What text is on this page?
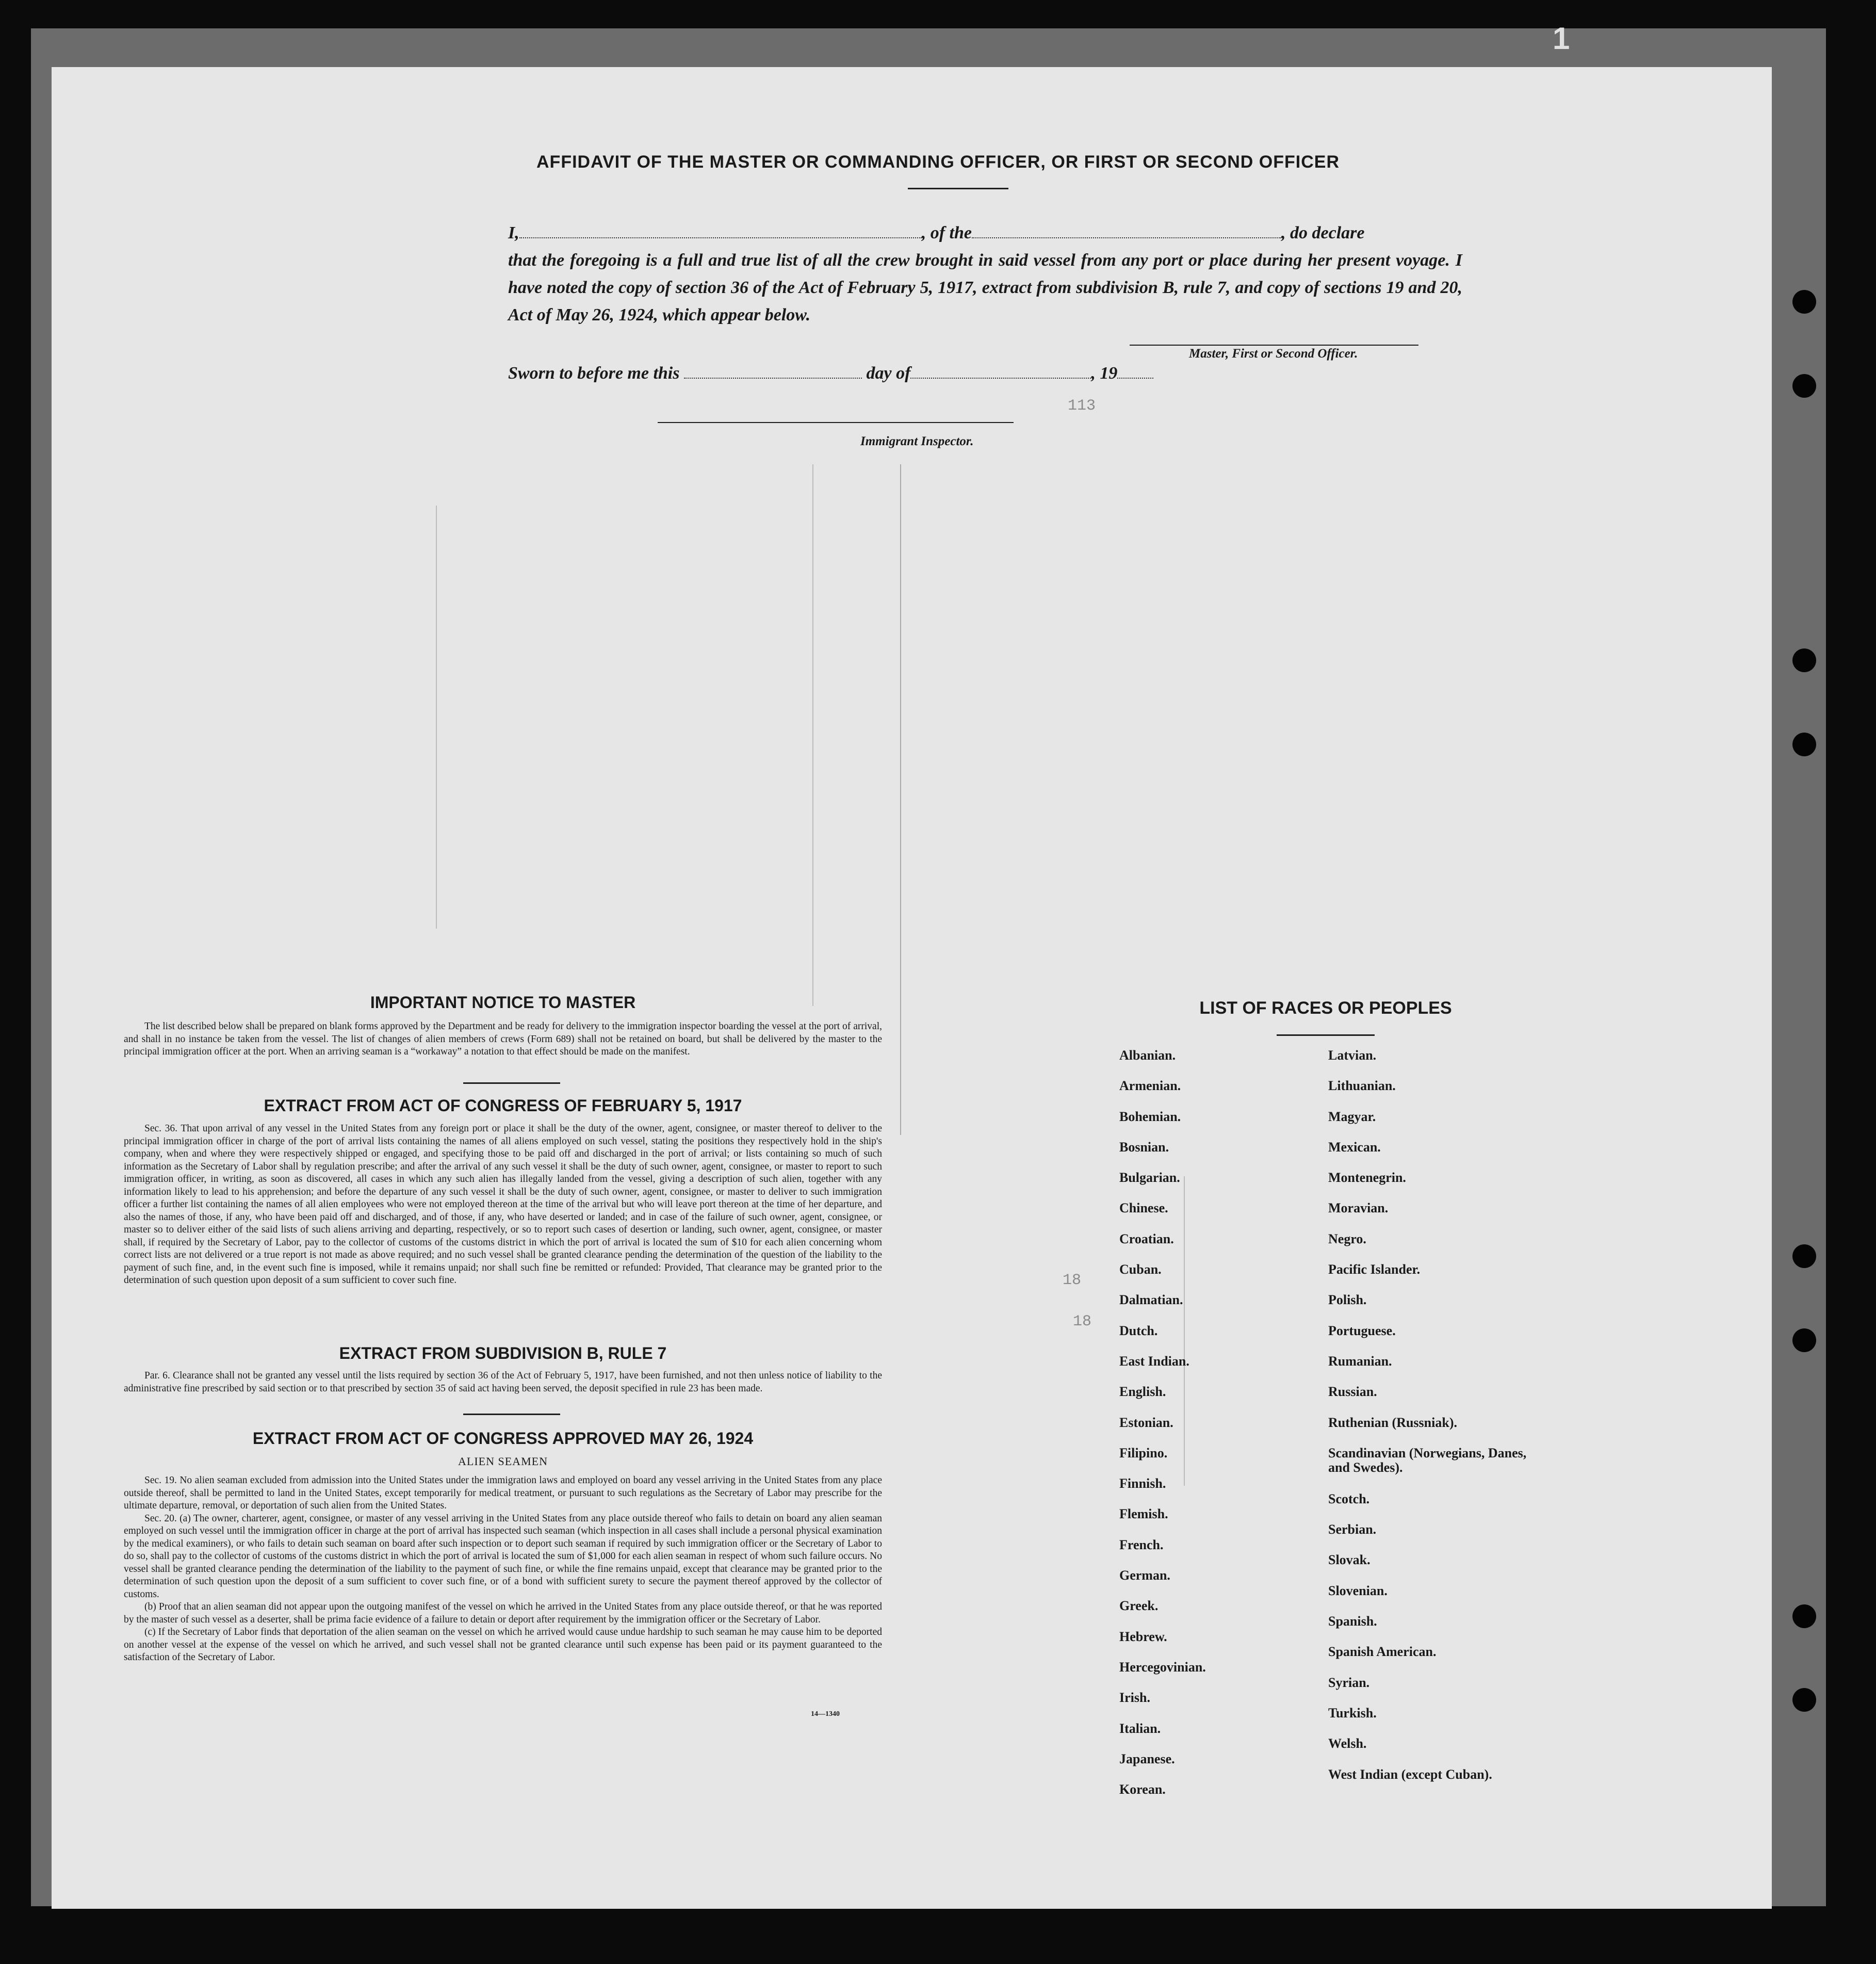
1
AFFIDAVIT OF THE MASTER OR COMMANDING OFFICER, OR FIRST OR SECOND OFFICER
I,	, of the	, do declare
that the foregoing is a full and true list of all the crew brought in said vessel from any port or place during her present voyage. I have noted the copy of section 36 of the Act of February 5, 1917, extract from subdivision B, rule 7, and copy of sections 19 and 20, Act of May 26, 1924, which appear below.
Master, First or Second Officer.
Sworn to before me this	day of	, 19
Immigrant Inspector.
113
18
18
IMPORTANT NOTICE TO MASTER

The list described below shall be prepared on blank forms approved by the Department and be ready for delivery to the immigration inspector boarding the vessel at the port of arrival, and shall in no instance be taken from the vessel. The list of changes of alien members of crews (Form 689) shall not be retained on board, but shall be delivered by the master to the principal immigration officer at the port. When an arriving seaman is a “workaway” a notation to that effect should be made on the manifest.

EXTRACT FROM ACT OF CONGRESS OF FEBRUARY 5, 1917

Sec. 36. That upon arrival of any vessel in the United States from any foreign port or place it shall be the duty of the owner, agent, consignee, or master thereof to deliver to the principal immigration officer in charge of the port of arrival lists containing the names of all aliens employed on such vessel, stating the positions they respectively hold in the ship's company, when and where they were respectively shipped or engaged, and specifying those to be paid off and discharged in the port of arrival; or lists containing so much of such information as the Secretary of Labor shall by regulation prescribe; and after the arrival of any such vessel it shall be the duty of such owner, agent, consignee, or master to report to such immigration officer, in writing, as soon as discovered, all cases in which any such alien has illegally landed from the vessel, giving a description of such alien, together with any information likely to lead to his apprehension; and before the departure of any such vessel it shall be the duty of such owner, agent, consignee, or master to deliver to such immigration officer a further list containing the names of all alien employees who were not employed thereon at the time of the arrival but who will leave port thereon at the time of her departure, and also the names of those, if any, who have been paid off and discharged, and of those, if any, who have deserted or landed; and in case of the failure of such owner, agent, consignee, or master so to deliver either of the said lists of such aliens arriving and departing, respectively, or so to report such cases of desertion or landing, such owner, agent, consignee, or master shall, if required by the Secretary of Labor, pay to the collector of customs of the customs district in which the port of arrival is located the sum of $10 for each alien concerning whom correct lists are not delivered or a true report is not made as above required; and no such vessel shall be granted clearance pending the determination of the question of the liability to the payment of such fine, and, in the event such fine is imposed, while it remains unpaid; nor shall such fine be remitted or refunded: Provided, That clearance may be granted prior to the determination of such question upon deposit of a sum sufficient to cover such fine.

EXTRACT FROM SUBDIVISION B, RULE 7

Par. 6. Clearance shall not be granted any vessel until the lists required by section 36 of the Act of February 5, 1917, have been furnished, and not then unless notice of liability to the administrative fine prescribed by said section or to that prescribed by section 35 of said act having been served, the deposit specified in rule 23 has been made.

EXTRACT FROM ACT OF CONGRESS APPROVED MAY 26, 1924
ALIEN SEAMEN

Sec. 19. No alien seaman excluded from admission into the United States under the immigration laws and employed on board any vessel arriving in the United States from any place outside thereof, shall be permitted to land in the United States, except temporarily for medical treatment, or pursuant to such regulations as the Secretary of Labor may prescribe for the ultimate departure, removal, or deportation of such alien from the United States.

Sec. 20. (a) The owner, charterer, agent, consignee, or master of any vessel arriving in the United States from any place outside thereof who fails to detain on board any alien seaman employed on such vessel until the immigration officer in charge at the port of arrival has inspected such seaman (which inspection in all cases shall include a personal physical examination by the medical examiners), or who fails to detain such seaman on board after such inspection or to deport such seaman if required by such immigration officer or the Secretary of Labor to do so, shall pay to the collector of customs of the customs district in which the port of arrival is located the sum of $1,000 for each alien seaman in respect of whom such failure occurs. No vessel shall be granted clearance pending the determination of the liability to the payment of such fine, or while the fine remains unpaid, except that clearance may be granted prior to the determination of such question upon the deposit of a sum sufficient to cover such fine, or of a bond with sufficient surety to secure the payment thereof approved by the collector of customs.

(b) Proof that an alien seaman did not appear upon the outgoing manifest of the vessel on which he arrived in the United States from any place outside thereof, or that he was reported by the master of such vessel as a deserter, shall be prima facie evidence of a failure to detain or deport after requirement by the immigration officer or the Secretary of Labor.

(c) If the Secretary of Labor finds that deportation of the alien seaman on the vessel on which he arrived would cause undue hardship to such seaman he may cause him to be deported on another vessel at the expense of the vessel on which he arrived, and such vessel shall not be granted clearance until such expense has been paid or its payment guaranteed to the satisfaction of the Secretary of Labor.

14—1340
LIST OF RACES OR PEOPLES
Albanian.
Armenian.
Bohemian.
Bosnian.
Bulgarian.
Chinese.
Croatian.
Cuban.
Dalmatian.
Dutch.
East Indian.
English.
Estonian.
Filipino.
Finnish.
Flemish.
French.
German.
Greek.
Hebrew.
Hercegovinian.
Irish.
Italian.
Japanese.
Korean.
Latvian.
Lithuanian.
Magyar.
Mexican.
Montenegrin.
Moravian.
Negro.
Pacific Islander.
Polish.
Portuguese.
Rumanian.
Russian.
Ruthenian (Russniak).
Scandinavian (Norwegians, Danes, and Swedes).
Scotch.
Serbian.
Slovak.
Slovenian.
Spanish.
Spanish American.
Syrian.
Turkish.
Welsh.
West Indian (except Cuban).
